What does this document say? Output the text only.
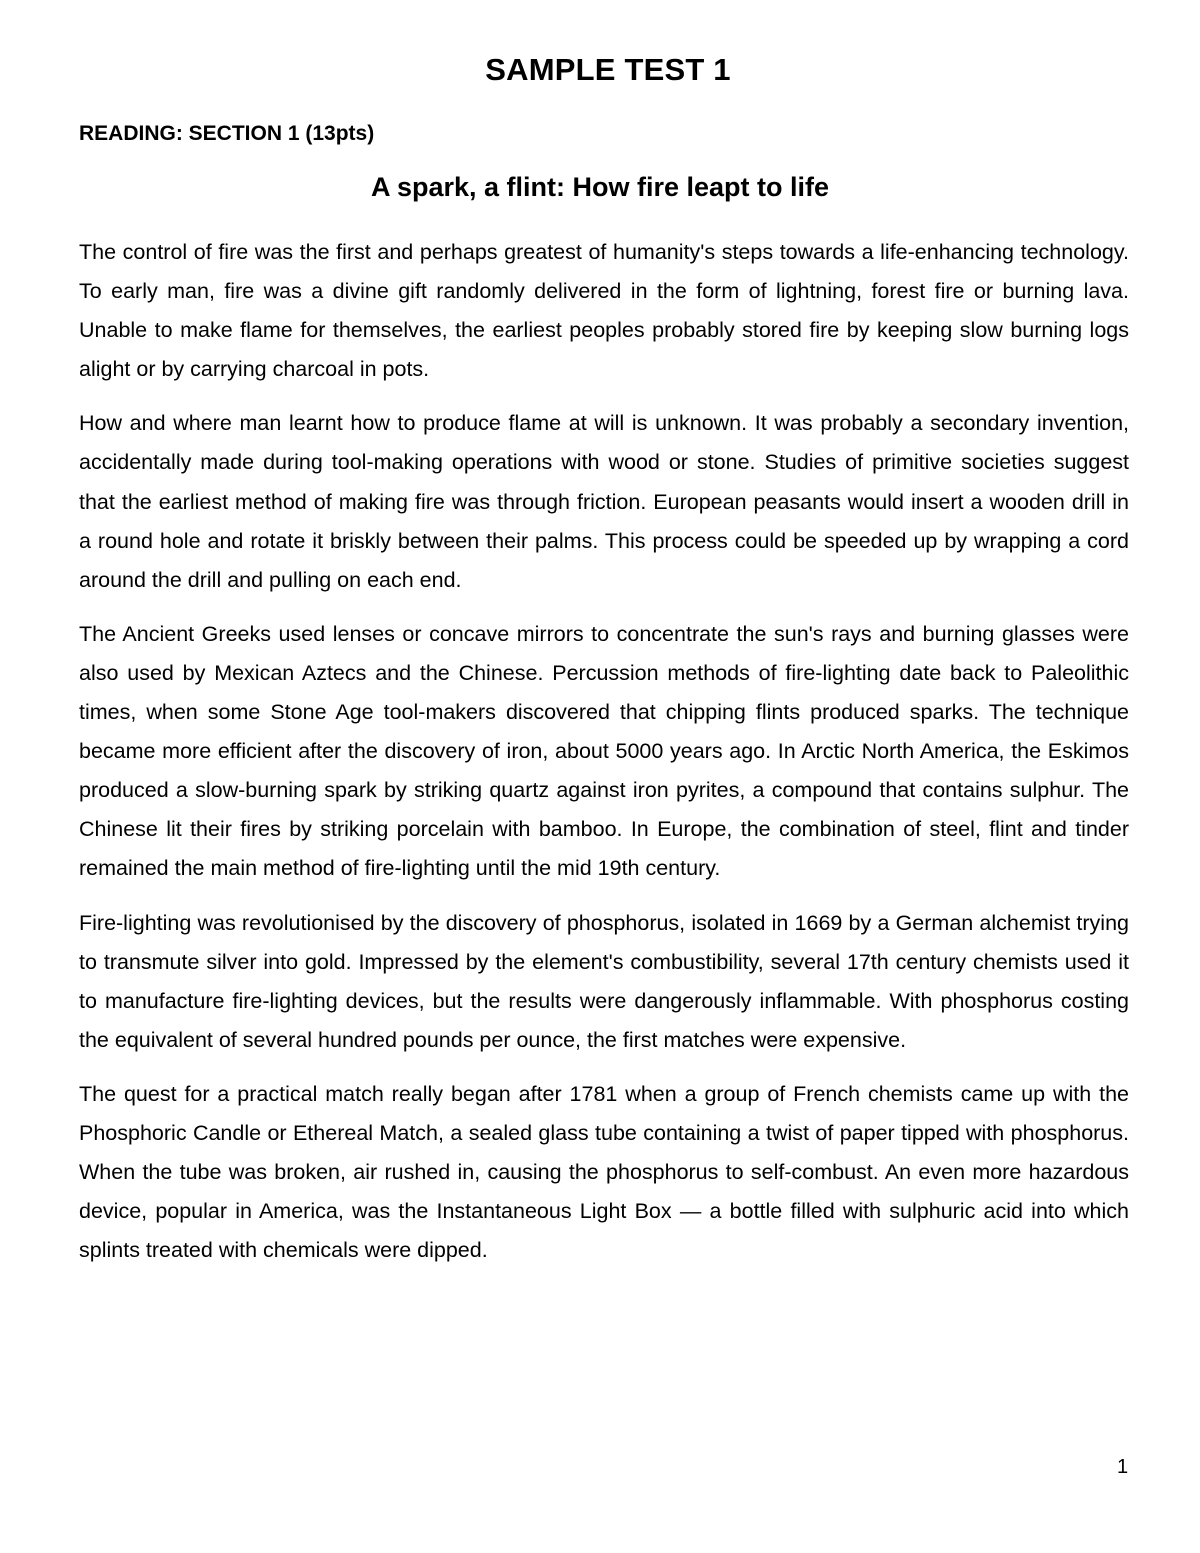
SAMPLE TEST 1
READING: SECTION 1 (13pts)
A spark, a flint: How fire leapt to life

The control of fire was the first and perhaps greatest of humanity's steps towards a life-enhancing technology. To early man, fire was a divine gift randomly delivered in the form of lightning, forest fire or burning lava. Unable to make flame for themselves, the earliest peoples probably stored fire by keeping slow burning logs alight or by carrying charcoal in pots.

How and where man learnt how to produce flame at will is unknown. It was probably a secondary invention, accidentally made during tool-making operations with wood or stone. Studies of primitive societies suggest that the earliest method of making fire was through friction. European peasants would insert a wooden drill in a round hole and rotate it briskly between their palms. This process could be speeded up by wrapping a cord around the drill and pulling on each end.

The Ancient Greeks used lenses or concave mirrors to concentrate the sun's rays and burning glasses were also used by Mexican Aztecs and the Chinese. Percussion methods of fire-lighting date back to Paleolithic times, when some Stone Age tool-makers discovered that chipping flints produced sparks. The technique became more efficient after the discovery of iron, about 5000 years ago. In Arctic North America, the Eskimos produced a slow-burning spark by striking quartz against iron pyrites, a compound that contains sulphur. The Chinese lit their fires by striking porcelain with bamboo. In Europe, the combination of steel, flint and tinder remained the main method of fire-lighting until the mid 19th century.

Fire-lighting was revolutionised by the discovery of phosphorus, isolated in 1669 by a German alchemist trying to transmute silver into gold. Impressed by the element's combustibility, several 17th century chemists used it to manufacture fire-lighting devices, but the results were dangerously inflammable. With phosphorus costing the equivalent of several hundred pounds per ounce, the first matches were expensive.

The quest for a practical match really began after 1781 when a group of French chemists came up with the Phosphoric Candle or Ethereal Match, a sealed glass tube containing a twist of paper tipped with phosphorus. When the tube was broken, air rushed in, causing the phosphorus to self-combust. An even more hazardous device, popular in America, was the Instantaneous Light Box — a bottle filled with sulphuric acid into which splints treated with chemicals were dipped.

1
